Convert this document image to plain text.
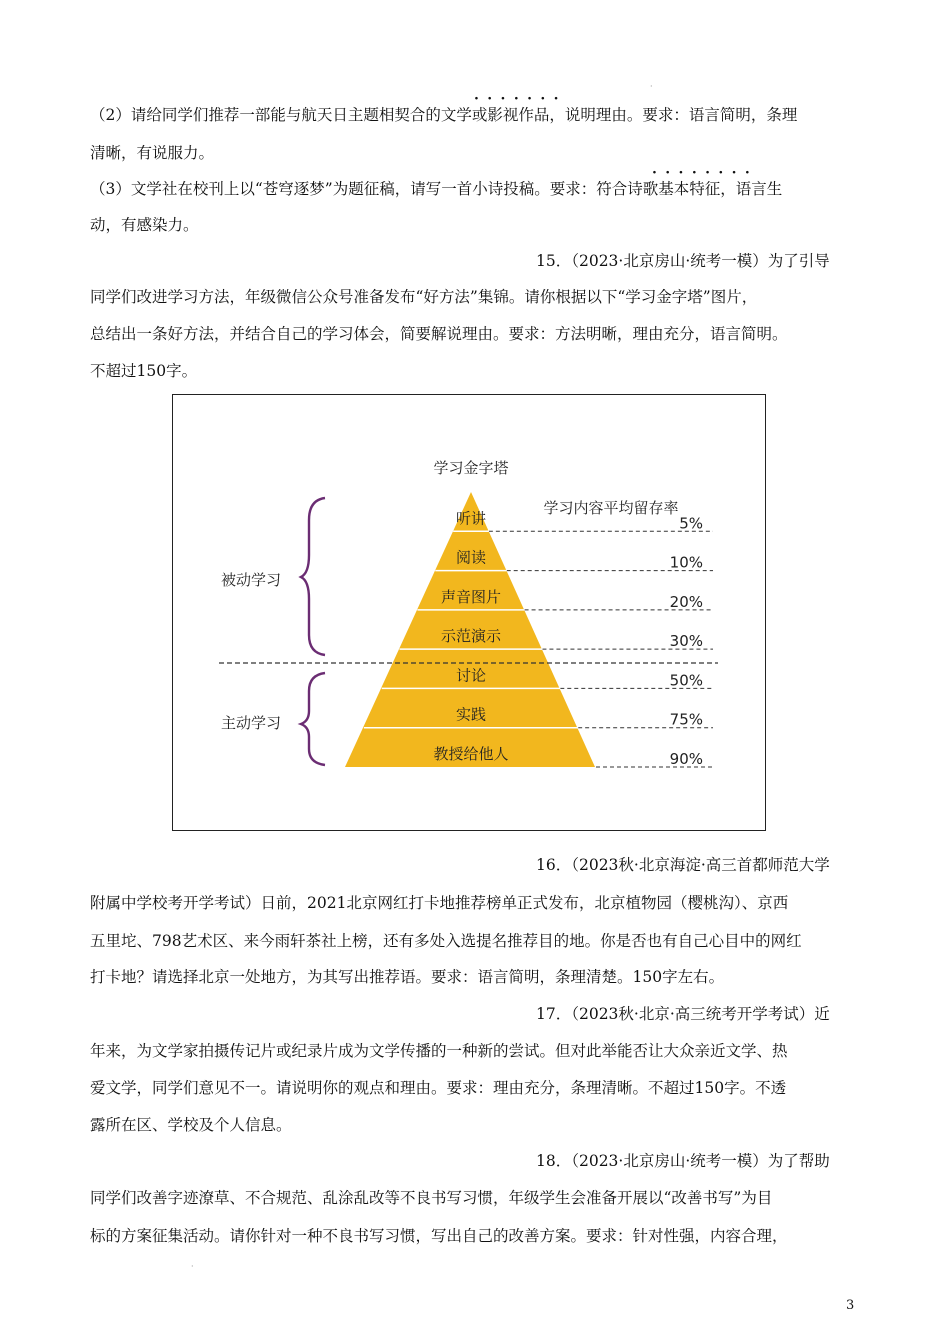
·
（2）请给同学们推荐一部能与航天日主题相契合的文学或影视作品，说明理由。要求：语言简明，条理
清晰，有说服力。
（3）文学社在校刊上以“苍穹逐梦”为题征稿，请写一首小诗投稿。要求：符合诗歌基本特征，语言生
动，有感染力。
·······
········
15．（2023·北京房山·统考一模）为了引导
同学们改进学习方法，年级微信公众号准备发布“好方法”集锦。请你根据以下“学习金字塔”图片，
总结出一条好方法，并结合自己的学习体会，简要解说理由。要求：方法明晰，理由充分，语言简明。
不超过150字。
学习金字塔
学习内容平均留存率
被动学习
主动学习
听讲	5%
阅读	10%
声音图片	20%
示范演示	30%
讨论	50%
实践	75%
教授给他人	90%
16．（2023秋·北京海淀·高三首都师范大学
附属中学校考开学考试）日前，2021北京网红打卡地推荐榜单正式发布，北京植物园（樱桃沟）、京西
五里坨、798艺术区、来今雨轩茶社上榜，还有多处入选提名推荐目的地。你是否也有自己心目中的网红
打卡地？请选择北京一处地方，为其写出推荐语。要求：语言简明，条理清楚。150字左右。
17．（2023秋·北京·高三统考开学考试）近
年来，为文学家拍摄传记片或纪录片成为文学传播的一种新的尝试。但对此举能否让大众亲近文学、热
爱文学，同学们意见不一。请说明你的观点和理由。要求：理由充分，条理清晰。不超过150字。不透
露所在区、学校及个人信息。
18．（2023·北京房山·统考一模）为了帮助
同学们改善字迹潦草、不合规范、乱涂乱改等不良书写习惯，年级学生会准备开展以“改善书写”为目
标的方案征集活动。请你针对一种不良书写习惯，写出自己的改善方案。要求：针对性强，内容合理，
·
3
